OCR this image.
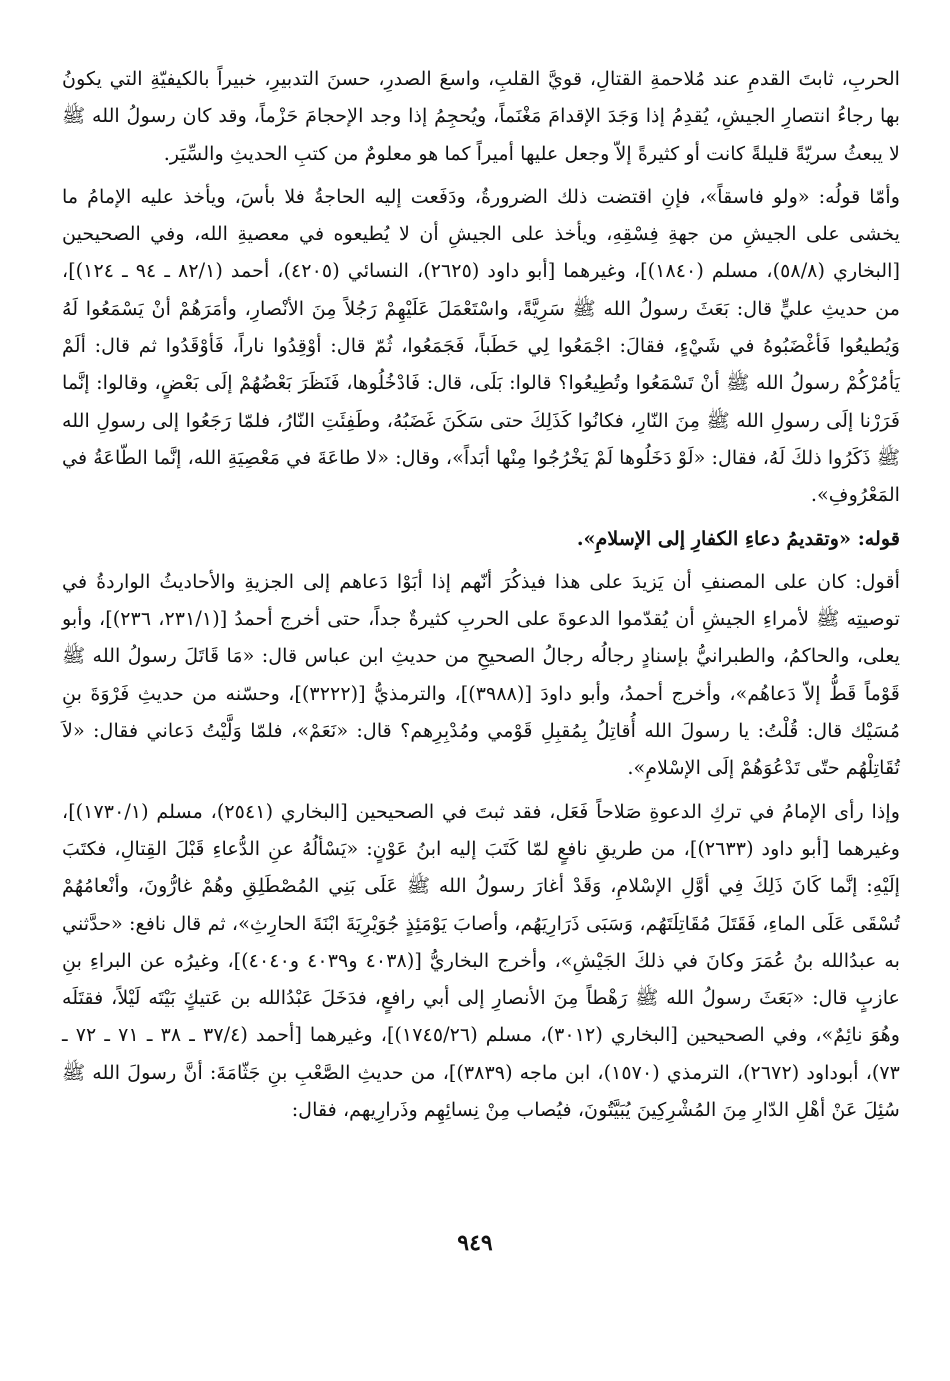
الحربِ، ثابتَ القدمِ عند مُلاحمةِ القتالِ، قويَّ القلبِ، واسعَ الصدرِ، حسنَ التدبيرِ، خبيراً بالكيفيّةِ التي يكونُ بها رجاءُ انتصارِ الجيشِ، يُقدِمُ إذا وَجَدَ الإقدامَ مَغْنَماً، ويُحجِمُ إذا وجد الإحجامَ حَزْماً، وقد كان رسولُ الله ﷺ لا يبعثُ سريّةً قليلةً كانت أو كثيرةً إلاّ وجعل عليها أميراً كما هو معلومٌ من كتبِ الحديثِ والسِّيَر.

وأمّا قولُه: «ولو فاسقاً»، فإنِ اقتضت ذلك الضرورةُ، ودَفَعت إليه الحاجةُ فلا بأسَ، ويأخذ عليه الإمامُ ما يخشى على الجيشِ من جهةِ فِسْقِهِ، ويأخذ على الجيشِ أن لا يُطيعوه في معصيةِ الله، وفي الصحيحين [البخاري (٥٨/٨)، مسلم (١٨٤٠)]، وغيرهما [أبو داود (٢٦٢٥)، النسائي (٤٢٠٥)، أحمد (٨٢/١ ـ ٩٤ ـ ١٢٤)]، من حديثِ عليٍّ قال: بَعَثَ رسولُ الله ﷺ سَرِيَّةً، واسْتَعْمَلَ عَلَيْهِمْ رَجُلاً مِنَ الأنْصارِ، وأمَرَهُمْ أنْ يَسْمَعُوا لَهُ وَيُطيعُوا فَأغْضَبُوهُ في شَيْءٍ، فقالَ: اجْمَعُوا لِي حَطَباً، فَجَمَعُوا، ثُمّ قال: أوْقِدُوا ناراً، فَأوْقَدُوا ثم قال: ألَمْ يَأمُرْكُمْ رسولُ الله ﷺ أنْ تَسْمَعُوا وتُطِيعُوا؟ قالوا: بَلَى، قال: فَادْخُلُوها، فَنَظَرَ بَعْضُهُمْ إلَى بَعْضٍ، وقالوا: إنَّما فَرَرْنا إلَى رسولِ الله ﷺ مِنَ النّارِ، فكانُوا كَذَلِكَ حتى سَكَنَ غَضَبُهُ، وطَفِئَتِ النّارُ، فلمّا رَجَعُوا إلى رسولِ الله ﷺ ذَكَرُوا ذلكَ لَهُ، فقال: «لَوْ دَخَلُوها لَمْ يَخْرُجُوا مِنْها أبَداً»، وقال: «لا طاعَةَ في مَعْصِيَةِ الله، إنَّما الطّاعَةُ في المَعْرُوفِ».

قوله: «وتقديمُ دعاءِ الكفارِ إلى الإسلامِ».

أقول: كان على المصنفِ أن يَزيدَ على هذا فيذكُرَ أنّهم إذا أبَوْا دَعاهم إلى الجزيةِ والأحاديثُ الواردةُ في توصيتِه ﷺ لأمراءِ الجيشِ أن يُقدّموا الدعوةَ على الحربِ كثيرةٌ جداً، حتى أخرج أحمدُ [(٢٣١/١، ٢٣٦)]، وأبو يعلى، والحاكمُ، والطبرانيُّ بإسنادٍ رجالُه رجالُ الصحيحِ من حديثِ ابن عباس قال: «مَا قَاتَلَ رسولُ الله ﷺ قَوْماً قَطُّ إلاّ دَعاهُم»، وأخرج أحمدُ، وأبو داودَ [(٣٩٨٨)]، والترمذيُّ [(٣٢٢٢)]، وحسّنه من حديثِ فَرْوَةَ بنِ مُسَيْك قال: قُلْتُ: يا رسولَ الله أُقاتِلُ بِمُقبِلِ قَوْمي ومُدْبِرِهم؟ قال: «نَعَمْ»، فلمّا وَلَّيْتُ دَعاني فقال: «لاَ تُقَاتِلْهُم حتّى تَدْعُوَهُمْ إلَى الإسْلامِ».

وإذا رأى الإمامُ في تركِ الدعوةِ صَلاحاً فَعَل، فقد ثبتَ في الصحيحين [البخاري (٢٥٤١)، مسلم (١٧٣٠/١)]، وغيرهما [أبو داود (٢٦٣٣)]، من طريقِ نافعٍ لمّا كَتَبَ إليه ابنُ عَوْنٍ: «يَسْألُهُ عنِ الدُّعاءِ قَبْلَ القِتالِ، فكتَبَ إلَيْهِ: إنَّما كَانَ ذَلِكَ فِي أوَّلِ الإسْلامِ، وَقَدْ أغارَ رسولُ الله ﷺ عَلَى بَنِي المُصْطَلِقِ وهُمْ غارُّونَ، وأنْعامُهُمْ تُسْقَى عَلَى الماءِ، فَقَتَلَ مُقَاتِلَتَهُم، وَسَبَى ذَرَارِيَهُم، وأصابَ يَوْمَئِذٍ جُوَيْرِيَةَ ابْنَةَ الحارِثِ»، ثم قال نافع: «حدَّثني به عبدُالله بنُ عُمَرَ وكانَ في ذلكَ الجَيْشِ»، وأخرج البخاريُّ [(٤٠٣٨ و٤٠٣٩ و٤٠٤٠)]، وغيرُه عن البراءِ بنِ عازبٍ قال: «بَعَثَ رسولُ الله ﷺ رَهْطاً مِنَ الأنصارِ إلى أبي رافعٍ، فدَخَلَ عَبْدُالله بن عَتيكٍ بَيْتَه لَيْلاً، فقتَلَه وهُوَ نائِمٌ»، وفي الصحيحين [البخاري (٣٠١٢)، مسلم (١٧٤٥/٢٦)]، وغيرهما [أحمد (٣٧/٤ ـ ٣٨ ـ ٧١ ـ ٧٢ ـ ٧٣)، أبوداود (٢٦٧٢)، الترمذي (١٥٧٠)، ابن ماجه (٣٨٣٩)]، من حديثِ الصَّعْبِ بنِ جَثّامَةَ: أنَّ رسولَ الله ﷺ سُئِلَ عَنْ أهْلِ الدّارِ مِنَ المُشْرِكِينَ يُبَيَّتُونَ، فيُصاب مِنْ نِسائِهِم وذَرارِيهم، فقال:

٩٤٩
